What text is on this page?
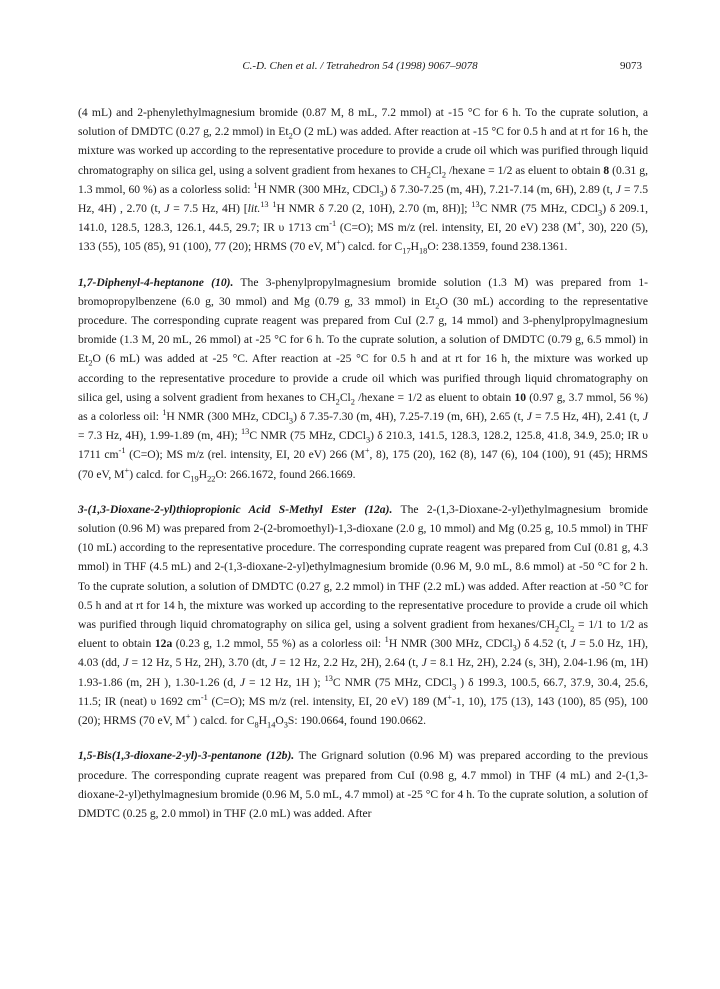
C.-D. Chen et al. / Tetrahedron 54 (1998) 9067–9078	9073

(4 mL) and 2-phenylethylmagnesium bromide (0.87 M, 8 mL, 7.2 mmol) at -15 °C for 6 h. To the cuprate solution, a solution of DMDTC (0.27 g, 2.2 mmol) in $Et_2O$ (2 mL) was added. After reaction at -15 °C for 0.5 h and at rt for 16 h, the mixture was worked up according to the representative procedure to provide a crude oil which was purified through liquid chromatography on silica gel, using a solvent gradient from hexanes to $CH_2Cl_2$ /hexane = 1/2 as eluent to obtain 8 (0.31 g, 1.3 mmol, 60 %) as a colorless solid: $^1$H NMR (300 MHz, CDCl$_3$) δ 7.30-7.25 (m, 4H), 7.21-7.14 (m, 6H), 2.89 (t, J = 7.5 Hz, 4H) , 2.70 (t, J = 7.5 Hz, 4H) [lit.$^{13}$ $^1$H NMR δ 7.20 (2, 10H), 2.70 (m, 8H)]; $^{13}$C NMR (75 MHz, CDCl$_3$) δ 209.1, 141.0, 128.5, 128.3, 126.1, 44.5, 29.7; IR υ 1713 $cm^{-1}$ (C=O); MS m/z (rel. intensity, EI, 20 eV) 238 (M+, 30), 220 (5), 133 (55), 105 (85), 91 (100), 77 (20); HRMS (70 eV, M+) calcd. for $C_{17}H_{18}O$: 238.1359, found 238.1361.

1,7-Diphenyl-4-heptanone (10). The 3-phenylpropylmagnesium bromide solution (1.3 M) was prepared from 1-bromopropylbenzene (6.0 g, 30 mmol) and Mg (0.79 g, 33 mmol) in $Et_2O$ (30 mL) according to the representative procedure. The corresponding cuprate reagent was prepared from CuI (2.7 g, 14 mmol) and 3-phenylpropylmagnesium bromide (1.3 M, 20 mL, 26 mmol) at -25 °C for 6 h. To the cuprate solution, a solution of DMDTC (0.79 g, 6.5 mmol) in $Et_2O$ (6 mL) was added at -25 °C. After reaction at -25 °C for 0.5 h and at rt for 16 h, the mixture was worked up according to the representative procedure to provide a crude oil which was purified through liquid chromatography on silica gel, using a solvent gradient from hexanes to $CH_2Cl_2$ /hexane = 1/2 as eluent to obtain 10 (0.97 g, 3.7 mmol, 56 %) as a colorless oil: $^1$H NMR (300 MHz, CDCl$_3$) δ 7.35-7.30 (m, 4H), 7.25-7.19 (m, 6H), 2.65 (t, J = 7.5 Hz, 4H), 2.41 (t, J = 7.3 Hz, 4H), 1.99-1.89 (m, 4H); $^{13}$C NMR (75 MHz, CDCl$_3$) δ 210.3, 141.5, 128.3, 128.2, 125.8, 41.8, 34.9, 25.0; IR υ 1711 $cm^{-1}$ (C=O); MS m/z (rel. intensity, EI, 20 eV) 266 (M+, 8), 175 (20), 162 (8), 147 (6), 104 (100), 91 (45); HRMS (70 eV, M+) calcd. for $C_{19}H_{22}O$: 266.1672, found 266.1669.

3-(1,3-Dioxane-2-yl)thiopropionic Acid S-Methyl Ester (12a). The 2-(1,3-Dioxane-2-yl)ethylmagnesium bromide solution (0.96 M) was prepared from 2-(2-bromoethyl)-1,3-dioxane (2.0 g, 10 mmol) and Mg (0.25 g, 10.5 mmol) in THF (10 mL) according to the representative procedure. The corresponding cuprate reagent was prepared from CuI (0.81 g, 4.3 mmol) in THF (4.5 mL) and 2-(1,3-dioxane-2-yl)ethylmagnesium bromide (0.96 M, 9.0 mL, 8.6 mmol) at -50 °C for 2 h. To the cuprate solution, a solution of DMDTC (0.27 g, 2.2 mmol) in THF (2.2 mL) was added. After reaction at -50 °C for 0.5 h and at rt for 14 h, the mixture was worked up according to the representative procedure to provide a crude oil which was purified through liquid chromatography on silica gel, using a solvent gradient from hexanes/$CH_2Cl_2 = 1/1$ to 1/2 as eluent to obtain 12a (0.23 g, 1.2 mmol, 55 %) as a colorless oil: $^1$H NMR (300 MHz, CDCl$_3$) δ 4.52 (t, J = 5.0 Hz, 1H), 4.03 (dd, J = 12 Hz, 5 Hz, 2H), 3.70 (dt, J = 12 Hz, 2.2 Hz, 2H), 2.64 (t, J = 8.1 Hz, 2H), 2.24 (s, 3H), 2.04-1.96 (m, 1H) 1.93-1.86 (m, 2H ), 1.30-1.26 (d, J = 12 Hz, 1H ); $^{13}$C NMR (75 MHz, CDCl$_3$ ) δ 199.3, 100.5, 66.7, 37.9, 30.4, 25.6, 11.5; IR (neat) υ 1692 $cm^{-1}$ (C=O); MS m/z (rel. intensity, EI, 20 eV) 189 (M+-1, 10), 175 (13), 143 (100), 85 (95), 100 (20); HRMS (70 eV, M+ ) calcd. for $C_8H_{14}O_3S$: 190.0664, found 190.0662.

1,5-Bis(1,3-dioxane-2-yl)-3-pentanone (12b). The Grignard solution (0.96 M) was prepared according to the previous procedure. The corresponding cuprate reagent was prepared from CuI (0.98 g, 4.7 mmol) in THF (4 mL) and 2-(1,3-dioxane-2-yl)ethylmagnesium bromide (0.96 M, 5.0 mL, 4.7 mmol) at -25 °C for 4 h. To the cuprate solution, a solution of DMDTC (0.25 g, 2.0 mmol) in THF (2.0 mL) was added. After
